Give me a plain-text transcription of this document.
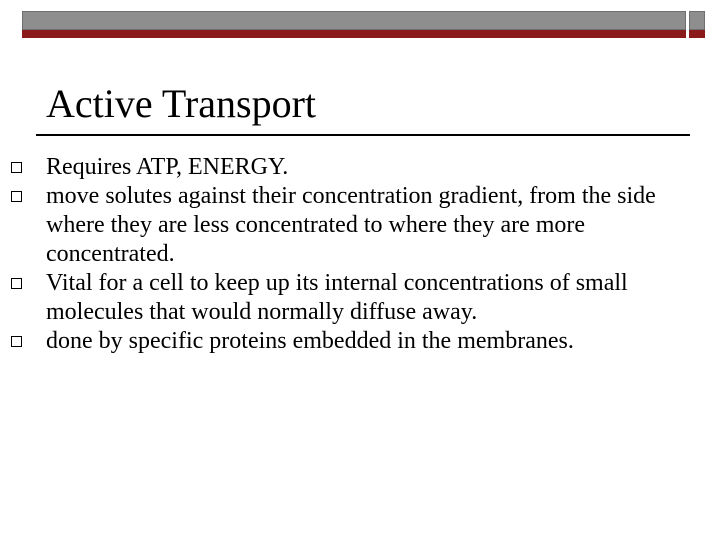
Active Transport
Requires ATP, ENERGY.
move solutes against their concentration gradient, from the side where they are less concentrated to where they are more concentrated.
Vital for a cell to keep up its internal concentrations of small molecules that would normally diffuse away.
done by specific proteins embedded in the membranes.
